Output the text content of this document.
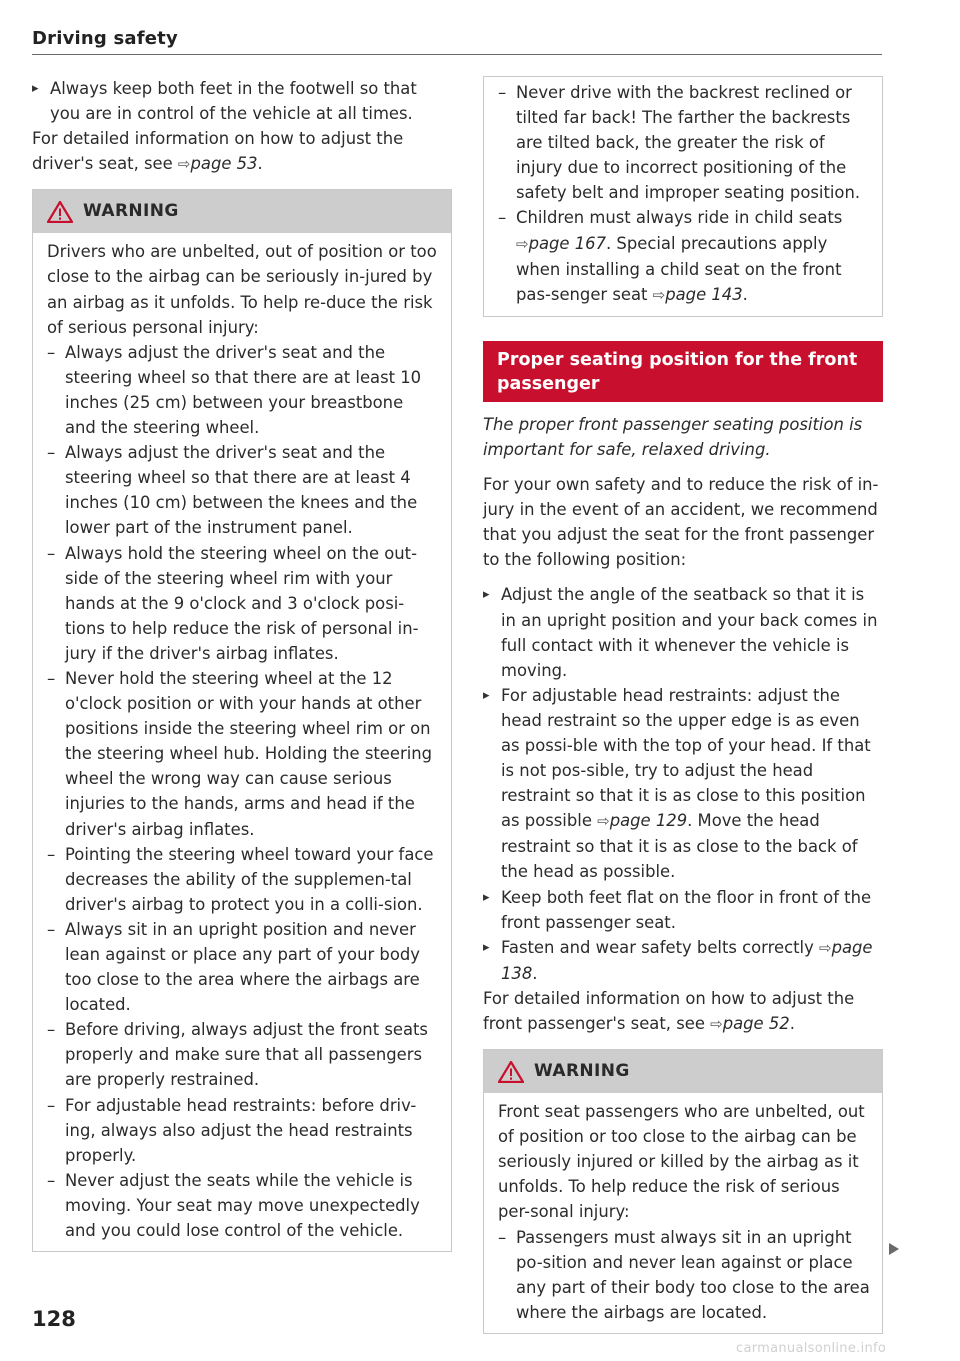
Driving safety

▸ Always keep both feet in the footwell so that you are in control of the vehicle at all times.

For detailed information on how to adjust the driver's seat, see ⇨page 53.

WARNING

Drivers who are unbelted, out of position or too close to the airbag can be seriously in-jured by an airbag as it unfolds. To help re-duce the risk of serious personal injury:

– Always adjust the driver's seat and the steering wheel so that there are at least 10 inches (25 cm) between your breastbone and the steering wheel.

– Always adjust the driver's seat and the steering wheel so that there are at least 4 inches (10 cm) between the knees and the lower part of the instrument panel.

– Always hold the steering wheel on the out-side of the steering wheel rim with your hands at the 9 o'clock and 3 o'clock posi-tions to help reduce the risk of personal in-jury if the driver's airbag inflates.

– Never hold the steering wheel at the 12 o'clock position or with your hands at other positions inside the steering wheel rim or on the steering wheel hub. Holding the steering wheel the wrong way can cause serious injuries to the hands, arms and head if the driver's airbag inflates.

– Pointing the steering wheel toward your face decreases the ability of the supplemen-tal driver's airbag to protect you in a colli-sion.

– Always sit in an upright position and never lean against or place any part of your body too close to the area where the airbags are located.

– Before driving, always adjust the front seats properly and make sure that all passengers are properly restrained.

– For adjustable head restraints: before driv-ing, always also adjust the head restraints properly.

– Never adjust the seats while the vehicle is moving. Your seat may move unexpectedly and you could lose control of the vehicle.

– Never drive with the backrest reclined or tilted far back! The farther the backrests are tilted back, the greater the risk of injury due to incorrect positioning of the safety belt and improper seating position.

– Children must always ride in child seats ⇨page 167. Special precautions apply when installing a child seat on the front pas-senger seat ⇨page 143.

Proper seating position for the front passenger

The proper front passenger seating position is important for safe, relaxed driving.

For your own safety and to reduce the risk of in-jury in the event of an accident, we recommend that you adjust the seat for the front passenger to the following position:

▸ Adjust the angle of the seatback so that it is in an upright position and your back comes in full contact with it whenever the vehicle is moving.

▸ For adjustable head restraints: adjust the head restraint so the upper edge is as even as possi-ble with the top of your head. If that is not pos-sible, try to adjust the head restraint so that it is as close to this position as possible ⇨page 129. Move the head restraint so that it is as close to the back of the head as possible.

▸ Keep both feet flat on the floor in front of the front passenger seat.

▸ Fasten and wear safety belts correctly ⇨page 138.

For detailed information on how to adjust the front passenger's seat, see ⇨page 52.

WARNING

Front seat passengers who are unbelted, out of position or too close to the airbag can be seriously injured or killed by the airbag as it unfolds. To help reduce the risk of serious per-sonal injury:

– Passengers must always sit in an upright po-sition and never lean against or place any part of their body too close to the area where the airbags are located.

128
carmanualsonline.info
